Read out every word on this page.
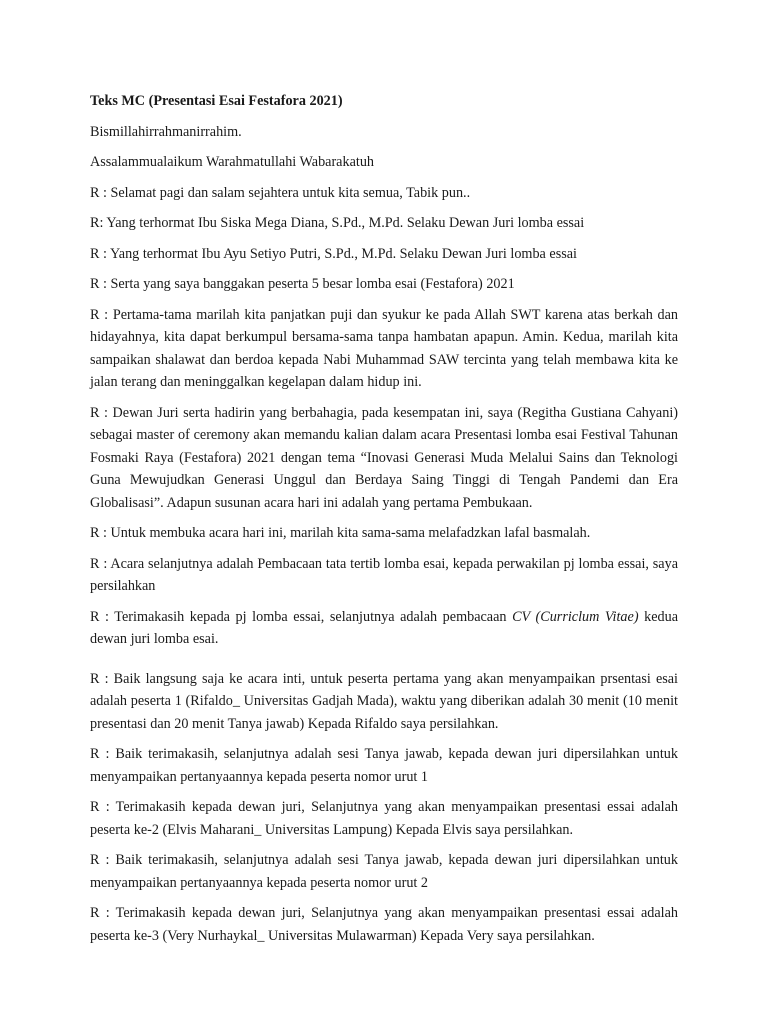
Teks MC (Presentasi Esai Festafora 2021)

Bismillahirrahmanirrahim.

Assalammualaikum Warahmatullahi Wabarakatuh

R : Selamat pagi dan salam sejahtera untuk kita semua, Tabik pun..

R: Yang terhormat Ibu Siska Mega Diana, S.Pd., M.Pd. Selaku Dewan Juri lomba essai

R : Yang terhormat Ibu Ayu Setiyo Putri, S.Pd., M.Pd. Selaku Dewan Juri lomba essai

R : Serta yang saya banggakan peserta 5 besar lomba esai (Festafora) 2021

R : Pertama-tama marilah kita panjatkan puji dan syukur ke pada Allah SWT karena atas berkah dan hidayahnya, kita dapat berkumpul bersama-sama tanpa hambatan apapun. Amin. Kedua, marilah kita sampaikan shalawat dan berdoa kepada Nabi Muhammad SAW tercinta yang telah membawa kita ke jalan terang dan meninggalkan kegelapan dalam hidup ini.

R : Dewan Juri serta hadirin yang berbahagia, pada kesempatan ini, saya (Regitha Gustiana Cahyani) sebagai master of ceremony akan memandu kalian dalam acara Presentasi lomba esai Festival Tahunan Fosmaki Raya (Festafora) 2021 dengan tema “Inovasi Generasi Muda Melalui Sains dan Teknologi Guna Mewujudkan Generasi Unggul dan Berdaya Saing Tinggi di Tengah Pandemi dan Era Globalisasi”. Adapun susunan acara hari ini adalah yang pertama Pembukaan.

R : Untuk membuka acara hari ini, marilah kita sama-sama melafadzkan lafal basmalah.

R : Acara selanjutnya adalah Pembacaan tata tertib lomba esai, kepada perwakilan pj lomba essai, saya persilahkan

R : Terimakasih kepada pj lomba essai, selanjutnya adalah pembacaan CV (Curriclum Vitae) kedua dewan juri lomba esai.

R : Baik langsung saja ke acara inti, untuk peserta pertama yang akan menyampaikan prsentasi esai adalah peserta 1 (Rifaldo_ Universitas Gadjah Mada), waktu yang diberikan adalah 30 menit (10 menit presentasi dan 20 menit Tanya jawab) Kepada Rifaldo saya persilahkan.

R : Baik terimakasih, selanjutnya adalah sesi Tanya jawab, kepada dewan juri dipersilahkan untuk menyampaikan pertanyaannya kepada peserta nomor urut 1

R : Terimakasih kepada dewan juri, Selanjutnya yang akan menyampaikan presentasi essai adalah peserta ke-2 (Elvis Maharani_ Universitas Lampung) Kepada Elvis saya persilahkan.

R : Baik terimakasih, selanjutnya adalah sesi Tanya jawab, kepada dewan juri dipersilahkan untuk menyampaikan pertanyaannya kepada peserta nomor urut 2

R : Terimakasih kepada dewan juri, Selanjutnya yang akan menyampaikan presentasi essai adalah peserta ke-3 (Very Nurhaykal_ Universitas Mulawarman) Kepada Very saya persilahkan.
